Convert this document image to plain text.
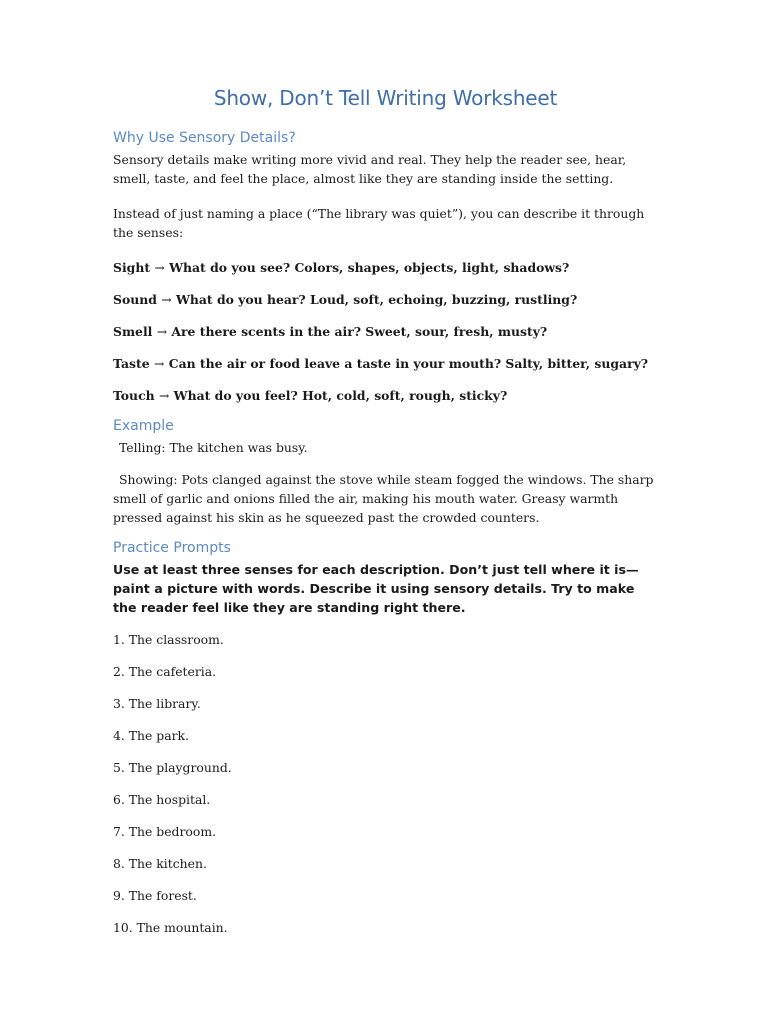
Show, Don’t Tell Writing Worksheet
Why Use Sensory Details?

Sensory details make writing more vivid and real. They help the reader see, hear, smell, taste, and feel the place, almost like they are standing inside the setting.

Instead of just naming a place (“The library was quiet”), you can describe it through the senses:

Sight → What do you see? Colors, shapes, objects, light, shadows?
Sound → What do you hear? Loud, soft, echoing, buzzing, rustling?
Smell → Are there scents in the air? Sweet, sour, fresh, musty?
Taste → Can the air or food leave a taste in your mouth? Salty, bitter, sugary?
Touch → What do you feel? Hot, cold, soft, rough, sticky?
Example

Telling: The kitchen was busy.

Showing: Pots clanged against the stove while steam fogged the windows. The sharp smell of garlic and onions filled the air, making his mouth water. Greasy warmth pressed against his skin as he squeezed past the crowded counters.

Practice Prompts

Use at least three senses for each description. Don’t just tell where it is—paint a picture with words. Describe it using sensory details. Try to make the reader feel like they are standing right there.

1. The classroom.
2. The cafeteria.
3. The library.
4. The park.
5. The playground.
6. The hospital.
7. The bedroom.
8. The kitchen.
9. The forest.
10. The mountain.
